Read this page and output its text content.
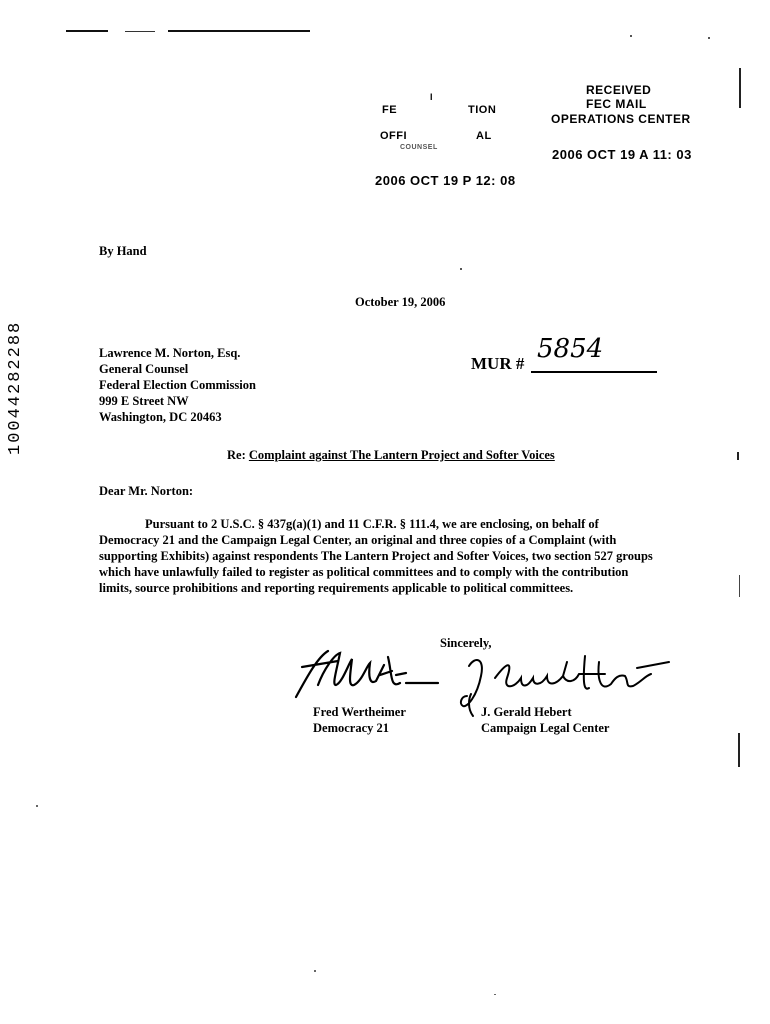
FE
I
TION
OFFI	AL
COUNSEL
2006 OCT 19 P 12: 08
RECEIVED
FEC MAIL
OPERATIONS CENTER
2006 OCT 19 A 11: 03
10044282288
By Hand
October 19, 2006
Lawrence M. Norton, Esq.
General Counsel
Federal Election Commission
999 E Street NW
Washington, DC 20463
MUR # 5854
Re: Complaint against The Lantern Project and Softer Voices
Dear Mr. Norton:
Pursuant to 2 U.S.C. § 437g(a)(1) and 11 C.F.R. § 111.4, we are enclosing, on behalf of Democracy 21 and the Campaign Legal Center, an original and three copies of a Complaint (with supporting Exhibits) against respondents The Lantern Project and Softer Voices, two section 527 groups which have unlawfully failed to register as political committees and to comply with the contribution limits, source prohibitions and reporting requirements applicable to political committees.
Sincerely,
Fred Wertheimer
Democracy 21
J. Gerald Hebert
Campaign Legal Center
